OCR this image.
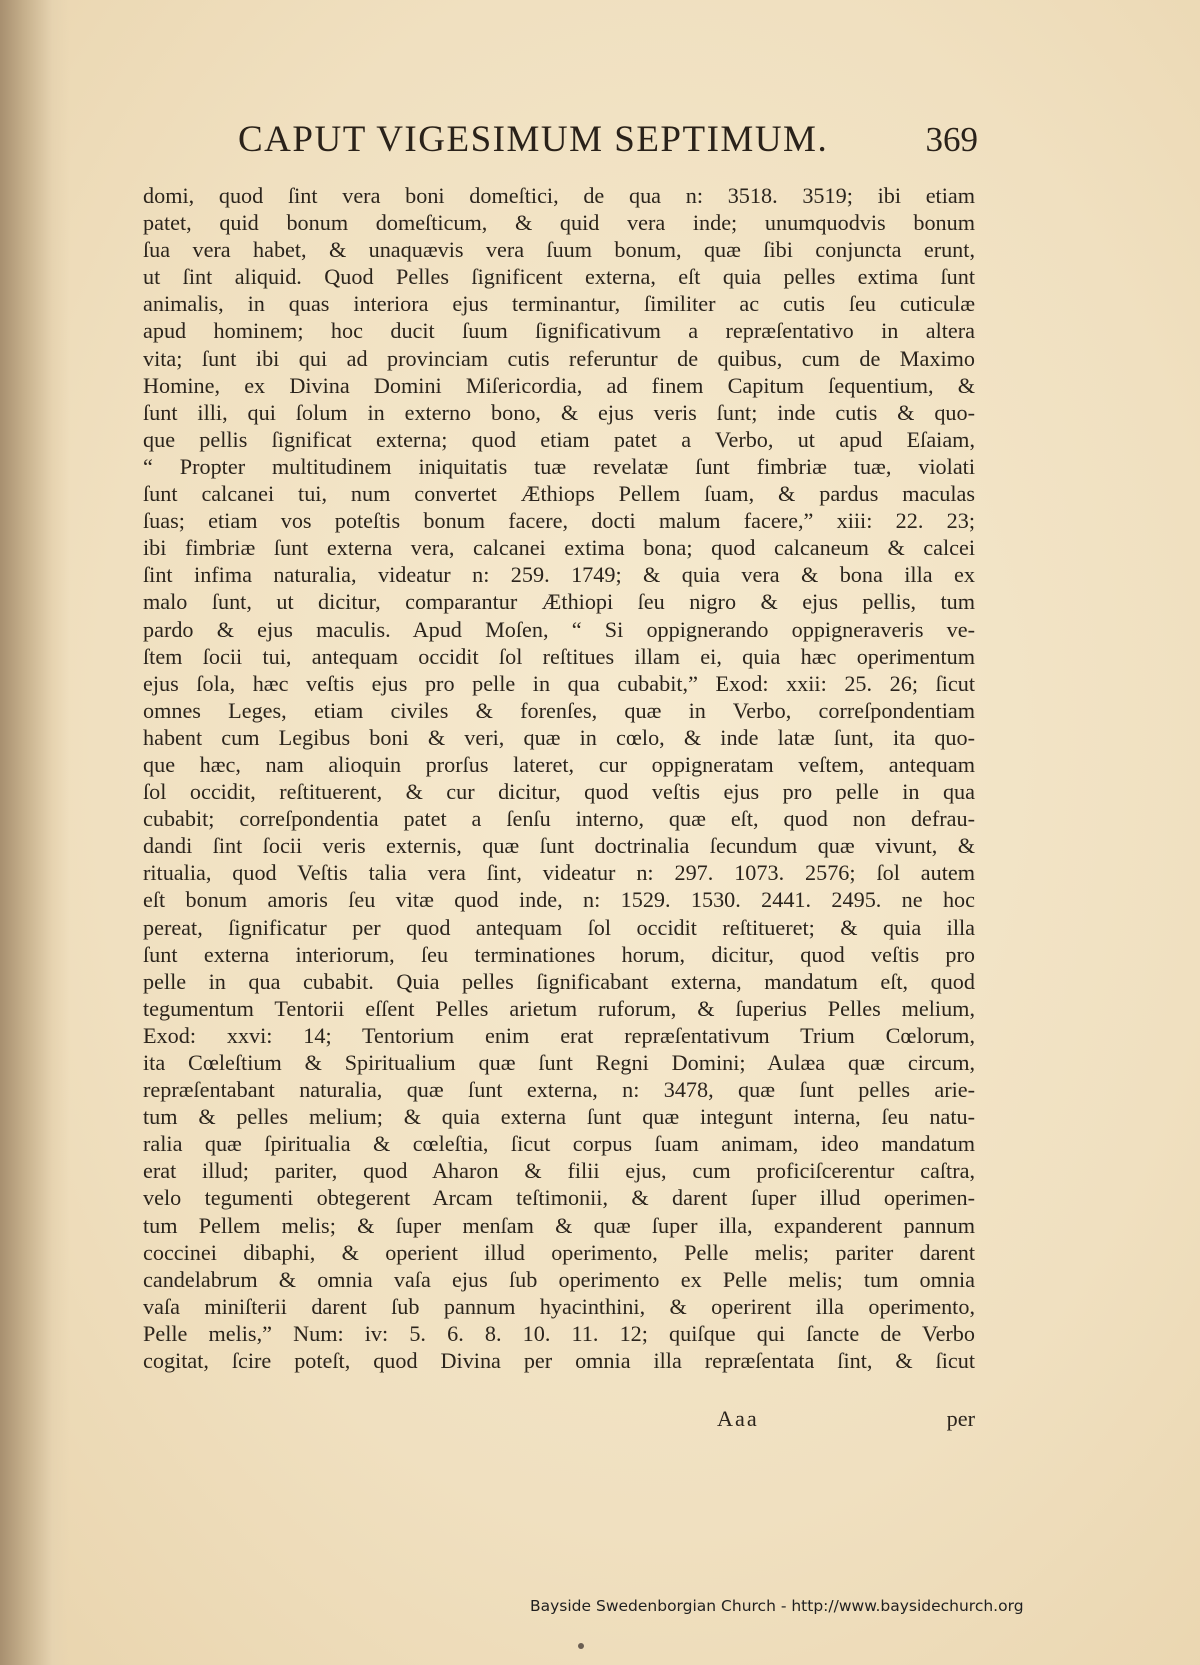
CAPUT VIGESIMUM SEPTIMUM.	369
domi, quod ſint vera boni domeſtici, de qua n: 3518. 3519; ibi etiam
patet, quid bonum domeſticum, & quid vera inde; unumquodvis bonum
ſua vera habet, & unaquævis vera ſuum bonum, quæ ſibi conjuncta erunt,
ut ſint aliquid. Quod Pelles ſignificent externa, eſt quia pelles extima ſunt
animalis, in quas interiora ejus terminantur, ſimiliter ac cutis ſeu cuticulæ
apud hominem; hoc ducit ſuum ſignificativum a repræſentativo in altera
vita; ſunt ibi qui ad provinciam cutis referuntur de quibus, cum de Maximo
Homine, ex Divina Domini Miſericordia, ad finem Capitum ſequentium, &
ſunt illi, qui ſolum in externo bono, & ejus veris ſunt; inde cutis & quo-
que pellis ſignificat externa; quod etiam patet a Verbo, ut apud Eſaiam,
“ Propter multitudinem iniquitatis tuæ revelatæ ſunt fimbriæ tuæ, violati
ſunt calcanei tui, num convertet Æthiops Pellem ſuam, & pardus maculas
ſuas; etiam vos poteſtis bonum facere, docti malum facere,” xiii: 22. 23;
ibi fimbriæ ſunt externa vera, calcanei extima bona; quod calcaneum & calcei
ſint infima naturalia, videatur n: 259. 1749; & quia vera & bona illa ex
malo ſunt, ut dicitur, comparantur Æthiopi ſeu nigro & ejus pellis, tum
pardo & ejus maculis. Apud Moſen, “ Si oppignerando oppigneraveris ve-
ſtem ſocii tui, antequam occidit ſol reſtitues illam ei, quia hæc operimentum
ejus ſola, hæc veſtis ejus pro pelle in qua cubabit,” Exod: xxii: 25. 26; ſicut
omnes Leges, etiam civiles & forenſes, quæ in Verbo, correſpondentiam
habent cum Legibus boni & veri, quæ in cœlo, & inde latæ ſunt, ita quo-
que hæc, nam alioquin prorſus lateret, cur oppigneratam veſtem, antequam
ſol occidit, reſtituerent, & cur dicitur, quod veſtis ejus pro pelle in qua
cubabit; correſpondentia patet a ſenſu interno, quæ eſt, quod non defrau-
dandi ſint ſocii veris externis, quæ ſunt doctrinalia ſecundum quæ vivunt, &
ritualia, quod Veſtis talia vera ſint, videatur n: 297. 1073. 2576; ſol autem
eſt bonum amoris ſeu vitæ quod inde, n: 1529. 1530. 2441. 2495. ne hoc
pereat, ſignificatur per quod antequam ſol occidit reſtitueret; & quia illa
ſunt externa interiorum, ſeu terminationes horum, dicitur, quod veſtis pro
pelle in qua cubabit. Quia pelles ſignificabant externa, mandatum eſt, quod
tegumentum Tentorii eſſent Pelles arietum ruforum, & ſuperius Pelles melium,
Exod: xxvi: 14; Tentorium enim erat repræſentativum Trium Cœlorum,
ita Cœleſtium & Spiritualium quæ ſunt Regni Domini; Aulæa quæ circum,
repræſentabant naturalia, quæ ſunt externa, n: 3478, quæ ſunt pelles arie-
tum & pelles melium; & quia externa ſunt quæ integunt interna, ſeu natu-
ralia quæ ſpiritualia & cœleſtia, ſicut corpus ſuam animam, ideo mandatum
erat illud; pariter, quod Aharon & filii ejus, cum proficiſcerentur caſtra,
velo tegumenti obtegerent Arcam teſtimonii, & darent ſuper illud operimen-
tum Pellem melis; & ſuper menſam & quæ ſuper illa, expanderent pannum
coccinei dibaphi, & operient illud operimento, Pelle melis; pariter darent
candelabrum & omnia vaſa ejus ſub operimento ex Pelle melis; tum omnia
vaſa miniſterii darent ſub pannum hyacinthini, & operirent illa operimento,
Pelle melis,” Num: iv: 5. 6. 8. 10. 11. 12; quiſque qui ſancte de Verbo
cogitat, ſcire poteſt, quod Divina per omnia illa repræſentata ſint, & ſicut
Aaa	per
Bayside Swedenborgian Church - http://www.baysidechurch.org
